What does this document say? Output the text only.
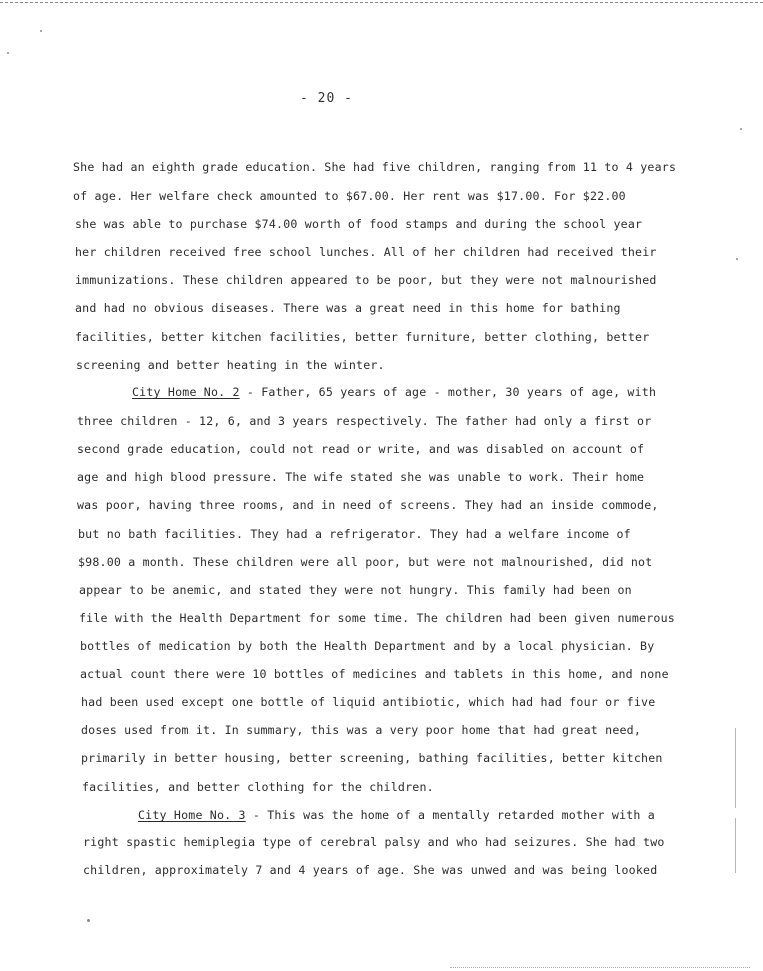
- 20 -
She had an eighth grade education. She had five children, ranging from 11 to 4 years
of age. Her welfare check amounted to $67.00. Her rent was $17.00. For $22.00
she was able to purchase $74.00 worth of food stamps and during the school year
her children received free school lunches. All of her children had received their
immunizations. These children appeared to be poor, but they were not malnourished
and had no obvious diseases. There was a great need in this home for bathing
facilities, better kitchen facilities, better furniture, better clothing, better
screening and better heating in the winter.
City Home No. 2 - Father, 65 years of age - mother, 30 years of age, with
three children - 12, 6, and 3 years respectively. The father had only a first or
second grade education, could not read or write, and was disabled on account of
age and high blood pressure. The wife stated she was unable to work. Their home
was poor, having three rooms, and in need of screens. They had an inside commode,
but no bath facilities. They had a refrigerator. They had a welfare income of
$98.00 a month. These children were all poor, but were not malnourished, did not
appear to be anemic, and stated they were not hungry. This family had been on
file with the Health Department for some time. The children had been given numerous
bottles of medication by both the Health Department and by a local physician. By
actual count there were 10 bottles of medicines and tablets in this home, and none
had been used except one bottle of liquid antibiotic, which had had four or five
doses used from it. In summary, this was a very poor home that had great need,
primarily in better housing, better screening, bathing facilities, better kitchen
facilities, and better clothing for the children.
City Home No. 3 - This was the home of a mentally retarded mother with a
right spastic hemiplegia type of cerebral palsy and who had seizures. She had two
children, approximately 7 and 4 years of age. She was unwed and was being looked
